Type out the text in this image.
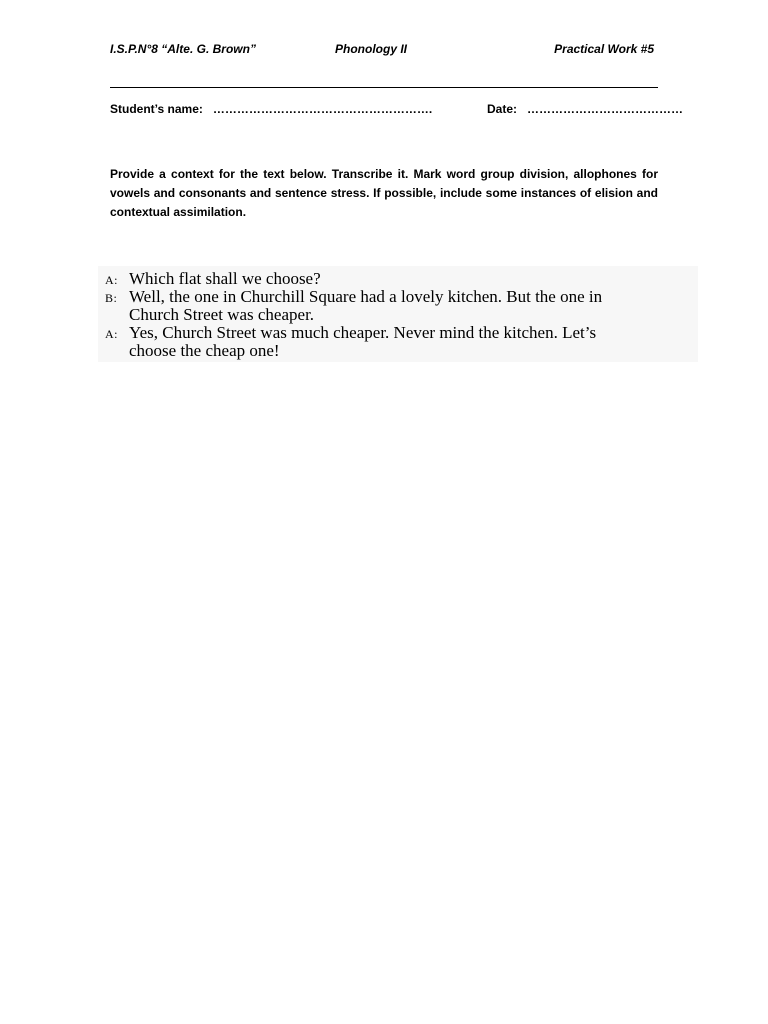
I.S.P.N°8 “Alte. G. Brown”	Phonology II	Practical Work #5
Student’s name: ……………………………………………….	Date: …………………………………
Provide a context for the text below. Transcribe it. Mark word group division, allophones for vowels and consonants and sentence stress. If possible, include some instances of elision and contextual assimilation.
A: Which flat shall we choose?
B: Well, the one in Churchill Square had a lovely kitchen. But the one in
Church Street was cheaper.
A: Yes, Church Street was much cheaper. Never mind the kitchen. Let’s
choose the cheap one!
